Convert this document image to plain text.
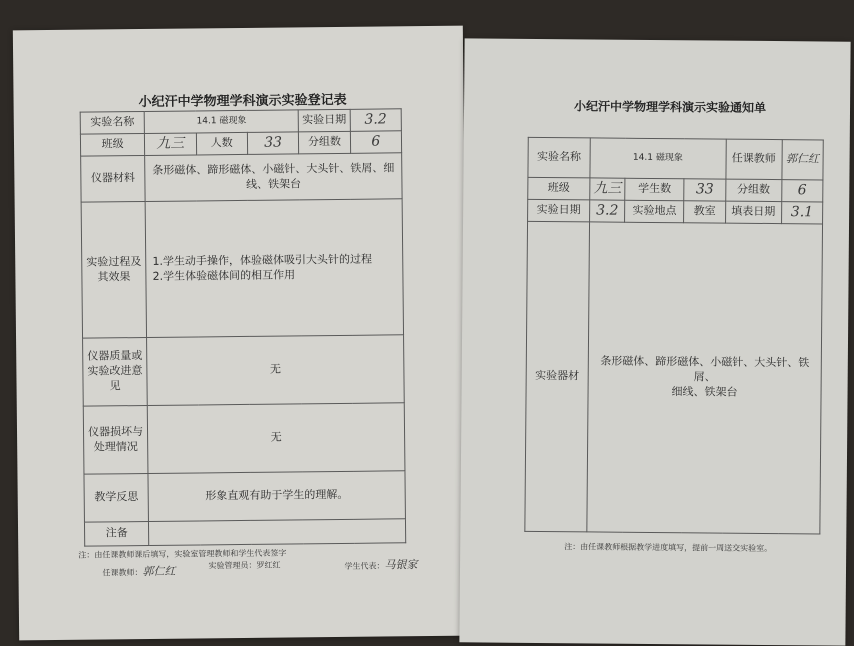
小纪汗中学物理学科演示实验登记表
实验名称	14.1 磁现象			实验日期	3.2
班级	九三	人数	33	分组数	6
仪器材料	条形磁体、蹄形磁体、小磁针、大头针、铁屑、细线、铁架台				
实验过程及其效果	1.学生动手操作，体验磁体吸引大头针的过程
2.学生体验磁体间的相互作用				

仪器质量或实验改进意见	无				
仪器损坏与处理情况	无				
教学反思	形象直观有助于学生的理解。				
注备					
注：由任课教师课后填写，实验室管理教师和学生代表签字
任课教师：郭仁红	实验管理员：罗红红	学生代表：马银家
小纪汗中学物理学科演示实验通知单
实验名称	14.1 磁现象			任课教师	郭仁红
班级	九三	学生数	33	分组数	6
实验日期	3.2	实验地点	教室	填表日期	3.1
实验器材	条形磁体、蹄形磁体、小磁针、大头针、铁屑、
细线、铁架台				
注：由任课教师根据教学进度填写，提前一周送交实验室。
